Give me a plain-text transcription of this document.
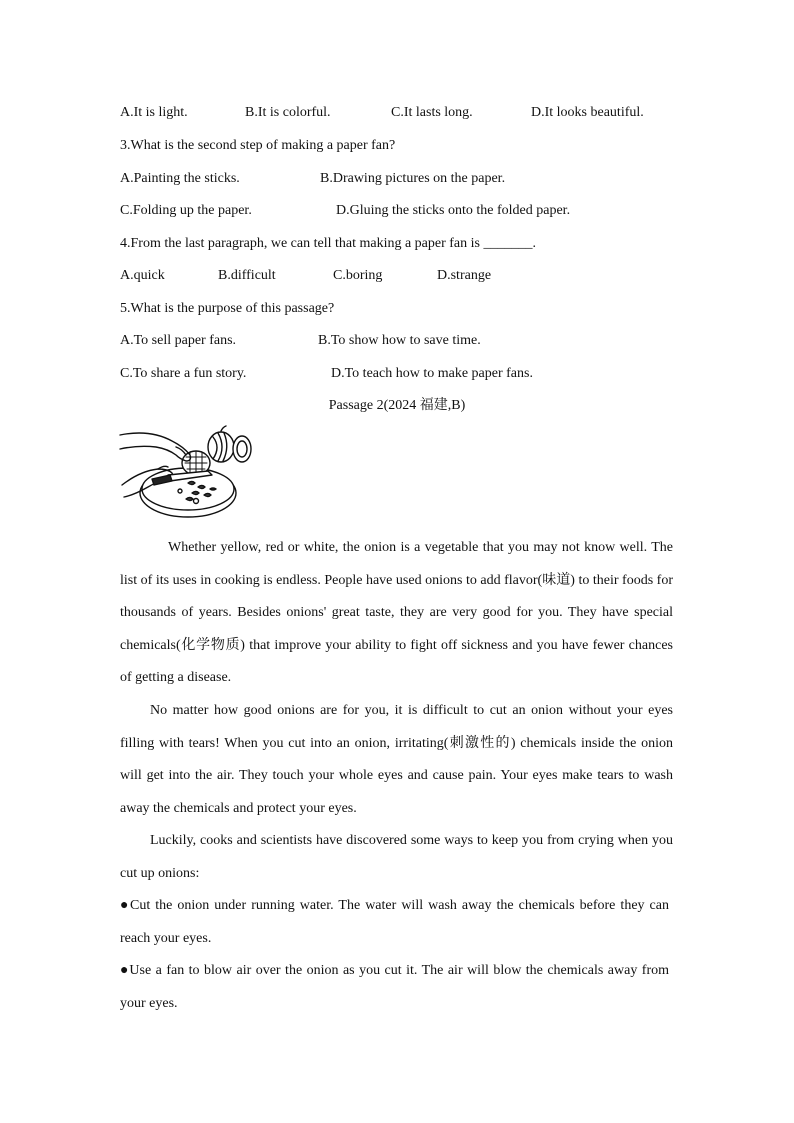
A.It is light.	B.It is colorful.	C.It lasts long.	D.It looks beautiful.
3.What is the second step of making a paper fan?
A.Painting the sticks.	B.Drawing pictures on the paper.
C.Folding up the paper.	D.Gluing the sticks onto the folded paper.
4.From the last paragraph, we can tell that making a paper fan is _______.
A.quick	B.difficult	C.boring	D.strange
5.What is the purpose of this passage?
A.To sell paper fans.	B.To show how to save time.
C.To share a fun story.	D.To teach how to make paper fans.
Passage 2(2024 福建,B)
Whether yellow, red or white, the onion is a vegetable that you may not know well. The list of its uses in cooking is endless. People have used onions to add flavor(味道) to their foods for thousands of years. Besides onions' great taste, they are very good for you. They have special chemicals(化学物质) that improve your ability to fight off sickness and you have fewer chances of getting a disease.
No matter how good onions are for you, it is difficult to cut an onion without your eyes filling with tears! When you cut into an onion, irritating(刺激性的) chemicals inside the onion will get into the air. They touch your whole eyes and cause pain. Your eyes make tears to wash away the chemicals and protect your eyes.
Luckily, cooks and scientists have discovered some ways to keep you from crying when you cut up onions:
●Cut the onion under running water. The water will wash away the chemicals before they can reach your eyes.
●Use a fan to blow air over the onion as you cut it. The air will blow the chemicals away from your eyes.
